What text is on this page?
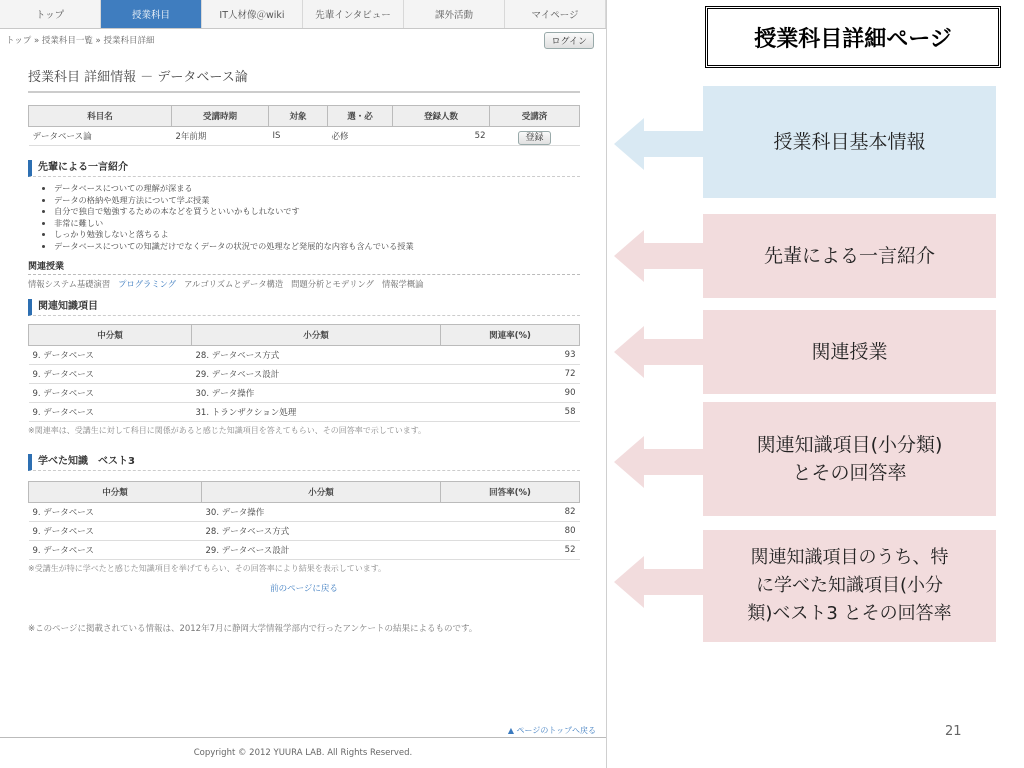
トップ	授業科目	IT人材像＠wiki	先輩インタビュー	課外活動	マイページ
トップ » 授業科目一覧 » 授業科目詳細	ログイン
授業科目 詳細情報 － データベース論
科目名	受講時期	対象	選・必	登録人数	受講済
データベース論	2年前期	IS	必修	52	登録
先輩による一言紹介
• データベースについての理解が深まる
• データの格納や処理方法について学ぶ授業
• 自分で独自で勉強するための本などを買うといいかもしれないです
• 非常に難しい
• しっかり勉強しないと落ちるよ
• データベースについての知識だけでなくデータの状況での処理など発展的な内容も含んでいる授業
関連授業
情報システム基礎演習 プログラミング アルゴリズムとデータ構造 問題分析とモデリング 情報学概論
関連知識項目
中分類	小分類	関連率(%)
9. データベース	28. データベース方式	93
9. データベース	29. データベース設計	72
9. データベース	30. データ操作	90
9. データベース	31. トランザクション処理	58
※関連率は、受講生に対して科目に関係があると感じた知識項目を答えてもらい、その回答率で示しています。
学べた知識　ベスト3
中分類	小分類	回答率(%)
9. データベース	30. データ操作	82
9. データベース	28. データベース方式	80
9. データベース	29. データベース設計	52
※受講生が特に学べたと感じた知識項目を挙げてもらい、その回答率により結果を表示しています。
前のページに戻る
※このページに掲載されている情報は、2012年7月に静岡大学情報学部内で行ったアンケートの結果によるものです。
▲ ページのトップへ戻る
Copyright © 2012 YUURA LAB. All Rights Reserved.
授業科目詳細ページ
授業科目基本情報
先輩による一言紹介
関連授業
関連知識項目(小分類)
とその回答率
関連知識項目のうち、特
に学べた知識項目(小分
類)ベスト3 とその回答率
21
